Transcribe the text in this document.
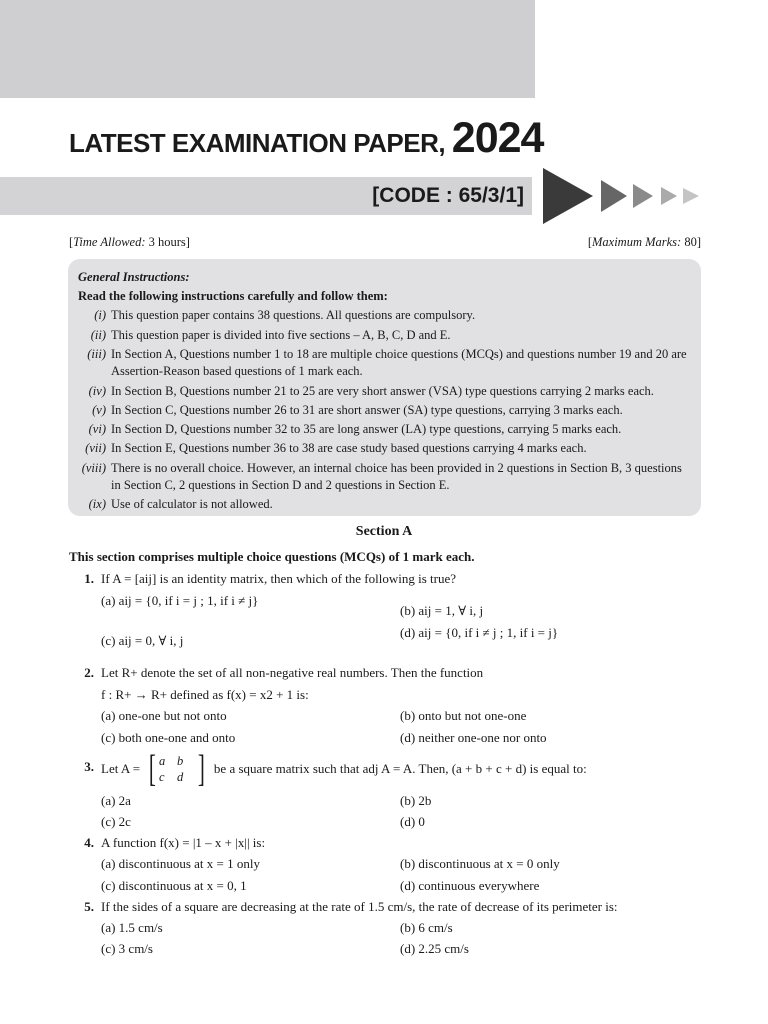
LATEST EXAMINATION PAPER, 2024
[CODE : 65/3/1]
[Time Allowed: 3 hours]	[Maximum Marks: 80]
General Instructions:
Read the following instructions carefully and follow them:
(i) This question paper contains 38 questions. All questions are compulsory.
(ii) This question paper is divided into five sections – A, B, C, D and E.
(iii) In Section A, Questions number 1 to 18 are multiple choice questions (MCQs) and questions number 19 and 20 are Assertion-Reason based questions of 1 mark each.
(iv) In Section B, Questions number 21 to 25 are very short answer (VSA) type questions carrying 2 marks each.
(v) In Section C, Questions number 26 to 31 are short answer (SA) type questions, carrying 3 marks each.
(vi) In Section D, Questions number 32 to 35 are long answer (LA) type questions, carrying 5 marks each.
(vii) In Section E, Questions number 36 to 38 are case study based questions carrying 4 marks each.
(viii) There is no overall choice. However, an internal choice has been provided in 2 questions in Section B, 3 questions in Section C, 2 questions in Section D and 2 questions in Section E.
(ix) Use of calculator is not allowed.
Section A
This section comprises multiple choice questions (MCQs) of 1 mark each.
1. If A = [aij] is an identity matrix, then which of the following is true?
(a) aij = {0, if i = j ; 1, if i ≠ j}
(b) aij = 1, ∀ i, j
(c) aij = 0, ∀ i, j
(d) aij = {0, if i ≠ j ; 1, if i = j}
2. Let R+ denote the set of all non-negative real numbers. Then the function
f : R+ → R+ defined as f(x) = x2 + 1 is:
(a) one-one but not onto	(b) onto but not one-one
(c) both one-one and onto	(d) neither one-one nor onto
3. Let A = [ a b
c d ] be a square matrix such that adj A = A. Then, (a + b + c + d) is equal to:
(a) 2a	(b) 2b
(c) 2c	(d) 0
4. A function f(x) = |1 – x + |x|| is:
(a) discontinuous at x = 1 only	(b) discontinuous at x = 0 only
(c) discontinuous at x = 0, 1	(d) continuous everywhere
5. If the sides of a square are decreasing at the rate of 1.5 cm/s, the rate of decrease of its perimeter is:
(a) 1.5 cm/s	(b) 6 cm/s
(c) 3 cm/s	(d) 2.25 cm/s
